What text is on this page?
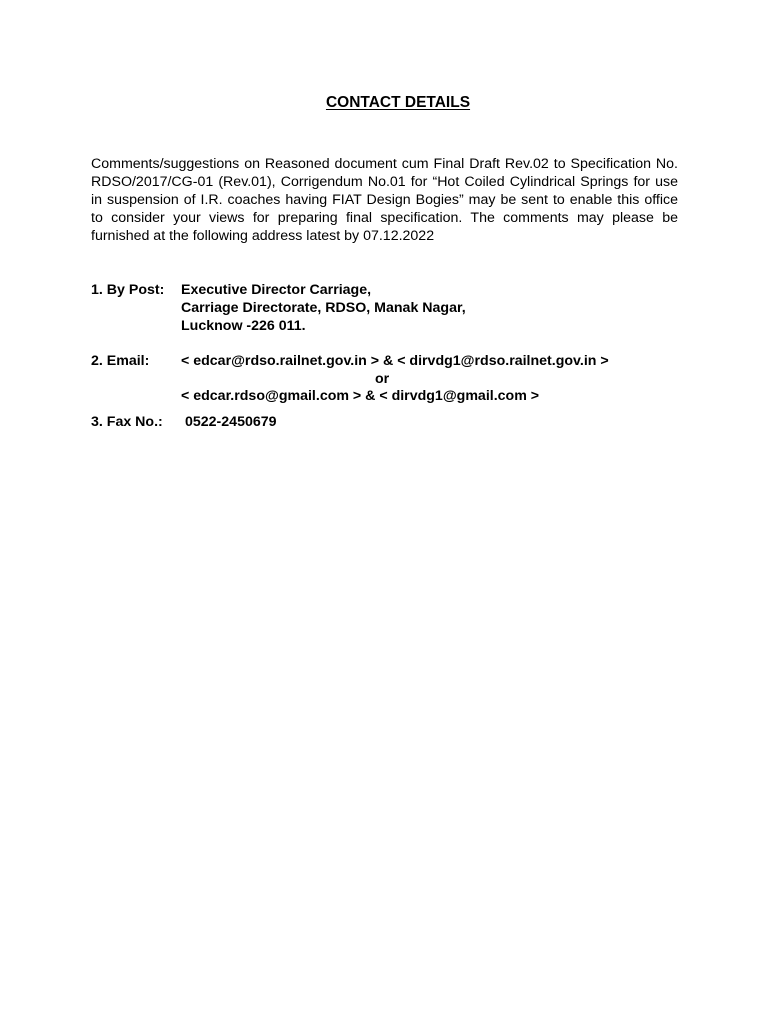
CONTACT DETAILS

Comments/suggestions on Reasoned document cum Final Draft Rev.02 to Specification No. RDSO/2017/CG-01 (Rev.01), Corrigendum No.01 for “Hot Coiled Cylindrical Springs for use in suspension of I.R. coaches having FIAT Design Bogies” may be sent to enable this office to consider your views for preparing final specification. The comments may please be furnished at the following address latest by 07.12.2022

1. By Post: Executive Director Carriage,
Carriage Directorate, RDSO, Manak Nagar,
Lucknow -226 011.
2. Email: < edcar@rdso.railnet.gov.in > & < dirvdg1@rdso.railnet.gov.in >
or
< edcar.rdso@gmail.com > & < dirvdg1@gmail.com >
3. Fax No.: 0522-2450679
